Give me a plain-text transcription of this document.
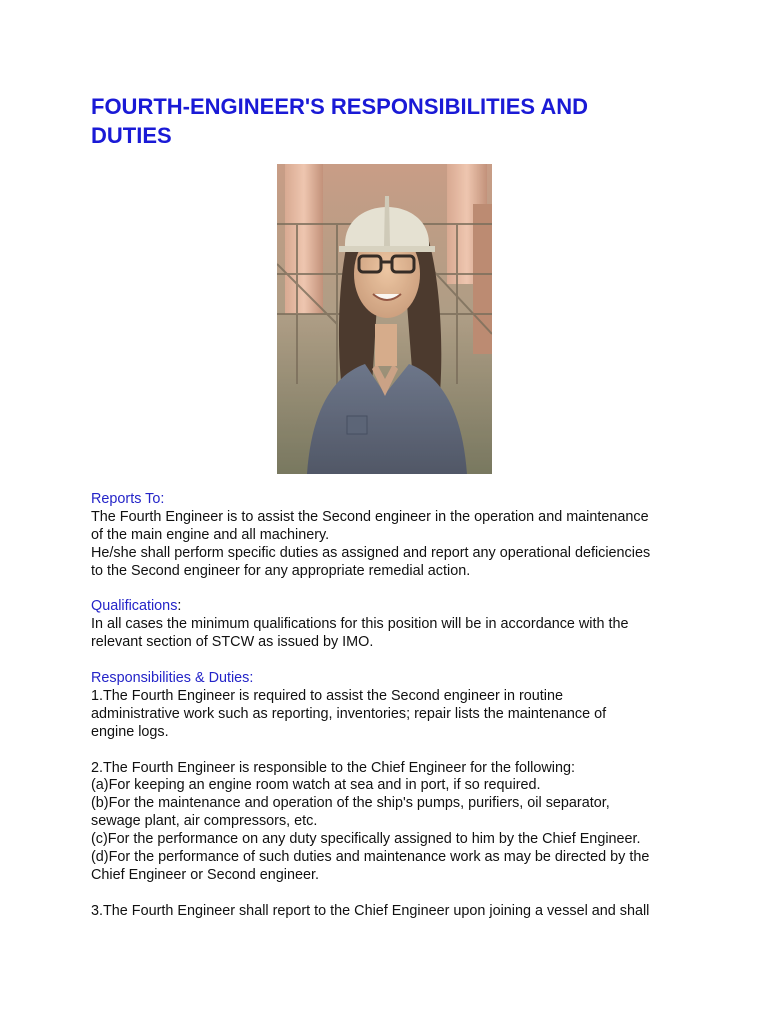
FOURTH-ENGINEER'S RESPONSIBILITIES AND
DUTIES
Reports To:
The Fourth Engineer is to assist the Second engineer in the operation and maintenance
of the main engine and all machinery.
He/she shall perform specific duties as assigned and report any operational deficiencies
to the Second engineer for any appropriate remedial action.
Qualifications:
In all cases the minimum qualifications for this position will be in accordance with the
relevant section of STCW as issued by IMO.
Responsibilities & Duties:
1.The Fourth Engineer is required to assist the Second engineer in routine
administrative work such as reporting, inventories; repair lists the maintenance of
engine logs.
2.The Fourth Engineer is responsible to the Chief Engineer for the following:
(a)For keeping an engine room watch at sea and in port, if so required.
(b)For the maintenance and operation of the ship's pumps, purifiers, oil separator,
sewage plant, air compressors, etc.
(c)For the performance on any duty specifically assigned to him by the Chief Engineer.
(d)For the performance of such duties and maintenance work as may be directed by the
Chief Engineer or Second engineer.
3.The Fourth Engineer shall report to the Chief Engineer upon joining a vessel and shall
